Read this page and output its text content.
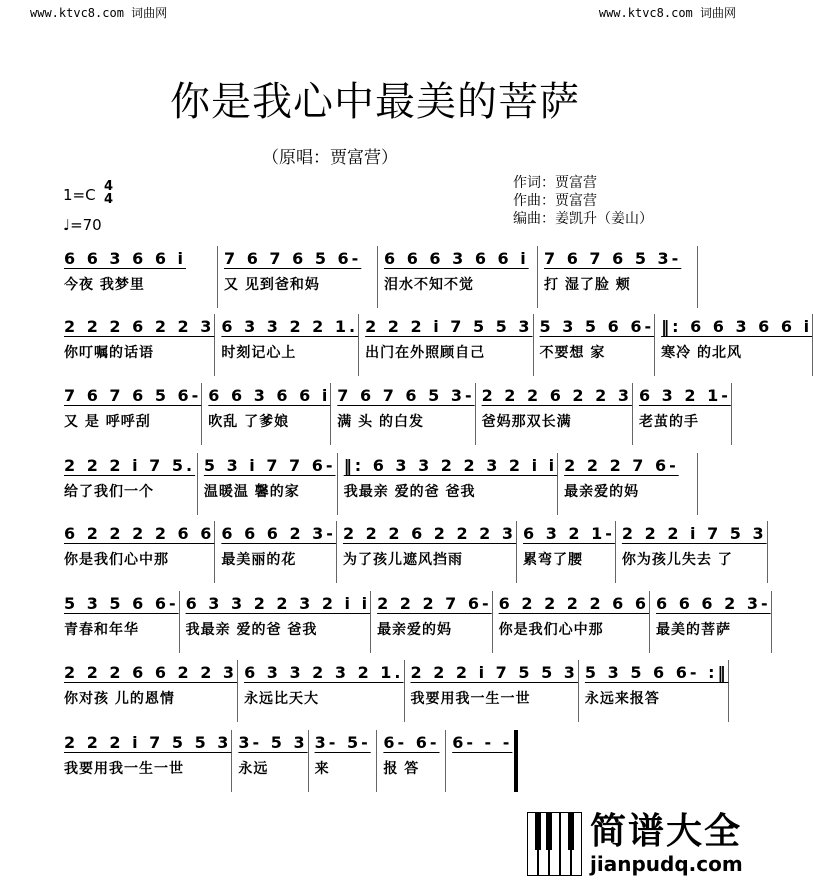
www.ktvc8.com 词曲网	www.ktvc8.com 词曲网
你是我心中最美的菩萨
（原唱：贾富营）
1=C 4
4
♩=70
作词：贾富营
作曲：贾富营
编曲：姜凯升（姜山）
6 6 3 6 6 i
今夜 我梦里
7 6 7 6 5 6-
又 见到爸和妈
6 6 6 3 6 6 i
泪水不知不觉
7 6 7 6 5 3-
打 湿了脸 颊
2 2 2 6 2 2 3
你叮嘱的话语
6 3 3 2 2 1.
时刻记心上
2 2 2 i 7 5 5 3
出门在外照顾自己
5 3 5 6 6-
不要想 家
‖: 6 6 3 6 6 i
寒冷 的北风
7 6 7 6 5 6-
又 是 呼呼刮
6 6 3 6 6 i
吹乱 了爹娘
7 6 7 6 5 3-
满 头 的白发
2 2 2 6 2 2 3
爸妈那双长满
6 3 2 1-
老茧的手
2 2 2 i 7 5.
给了我们一个
5 3 i 7 7 6-
温暖温 馨的家
‖: 6 3 3 2 2 3 2 i i
我最亲 爱的爸 爸我
2 2 2 7 6-
最亲爱的妈
6 2 2 2 2 6 6
你是我们心中那
6 6 6 2 3-
最美丽的花
2 2 2 6 2 2 2 3
为了孩儿遮风挡雨
6 3 2 1-
累弯了腰
2 2 2 i 7 5 3
你为孩儿失去 了
5 3 5 6 6-
青春和年华
6 3 3 2 2 3 2 i i
我最亲 爱的爸 爸我
2 2 2 7 6-
最亲爱的妈
6 2 2 2 2 6 6
你是我们心中那
6 6 6 2 3-
最美的菩萨
2 2 2 6 6 2 2 3
你对孩 儿的恩情
6 3 3 2 3 2 1.
永远比天大
2 2 2 i 7 5 5 3
我要用我一生一世
5 3 5 6 6- :‖
永远来报答
2 2 2 i 7 5 5 3
我要用我一生一世
3- 5 3
永远
3- 5-
来
6- 6-
报 答
6- - -
简谱大全
jianpudq.com
